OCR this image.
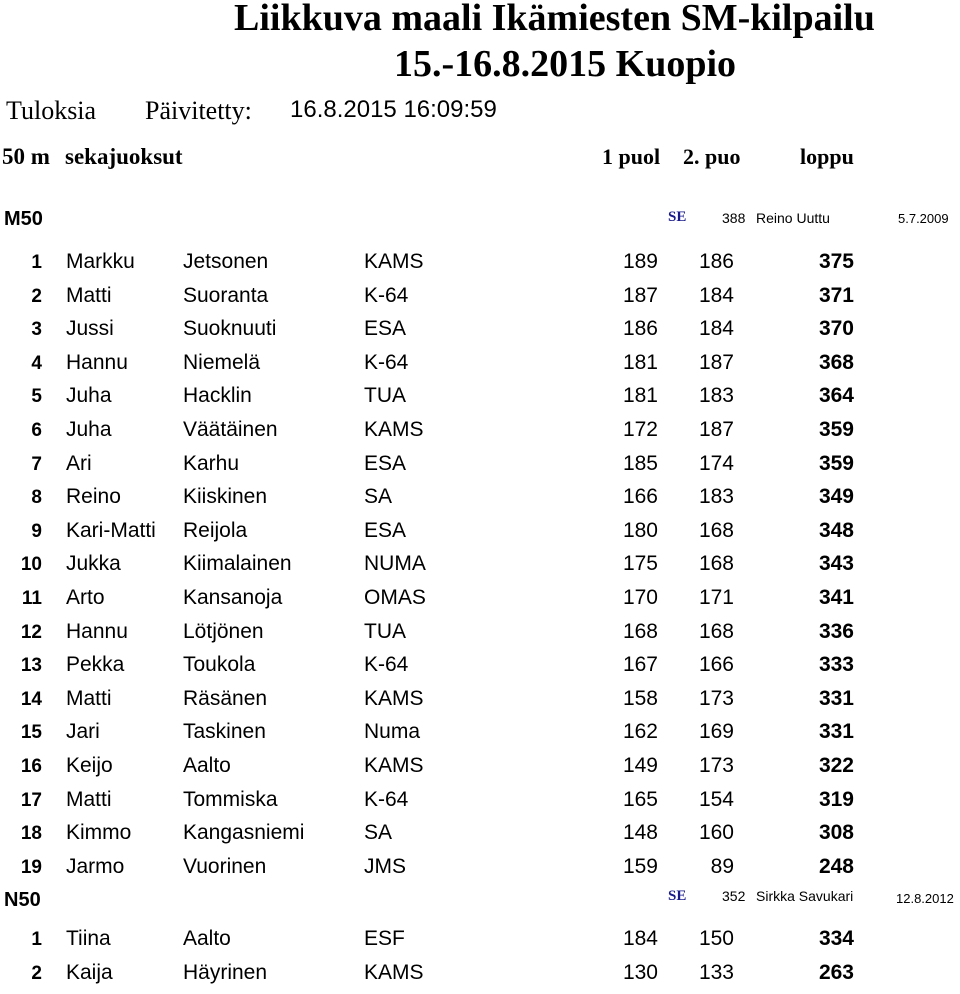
Liikkuva maali Ikämiesten SM-kilpailu
15.-16.8.2015 Kuopio
Tuloksia Päivitetty: 16.8.2015 16:09:59
50 m sekajuoksut	1 puol 2. puo	loppu
M50	SE	388 Reino Uuttu	5.7.2009
1 Markku Jetsonen	KAMS	189	186	375
2 Matti	Suoranta	K-64	187	184	371
3 Jussi	Suoknuuti	ESA	186	184	370
4 Hannu	Niemelä	K-64	181	187	368
5 Juha	Hacklin	TUA	181	183	364
6 Juha	Väätäinen	KAMS	172	187	359
7 Ari	Karhu	ESA	185	174	359
8 Reino	Kiiskinen	SA	166	183	349
9 Kari-Matti Reijola	ESA	180	168	348
10 Jukka	Kiimalainen	NUMA	175	168	343
11 Arto	Kansanoja	OMAS	170	171	341
12 Hannu	Lötjönen	TUA	168	168	336
13 Pekka	Toukola	K-64	167	166	333
14 Matti	Räsänen	KAMS	158	173	331
15 Jari	Taskinen	Numa	162	169	331
16 Keijo	Aalto	KAMS	149	173	322
17 Matti	Tommiska	K-64	165	154	319
18 Kimmo Kangasniemi	SA	148	160	308
19 Jarmo	Vuorinen	JMS	159	89	248
N50	SE	352 Sirkka Savukari	12.8.2012
1 Tiina	Aalto	ESF	184	150	334
2 Kaija	Häyrinen	KAMS	130	133	263
